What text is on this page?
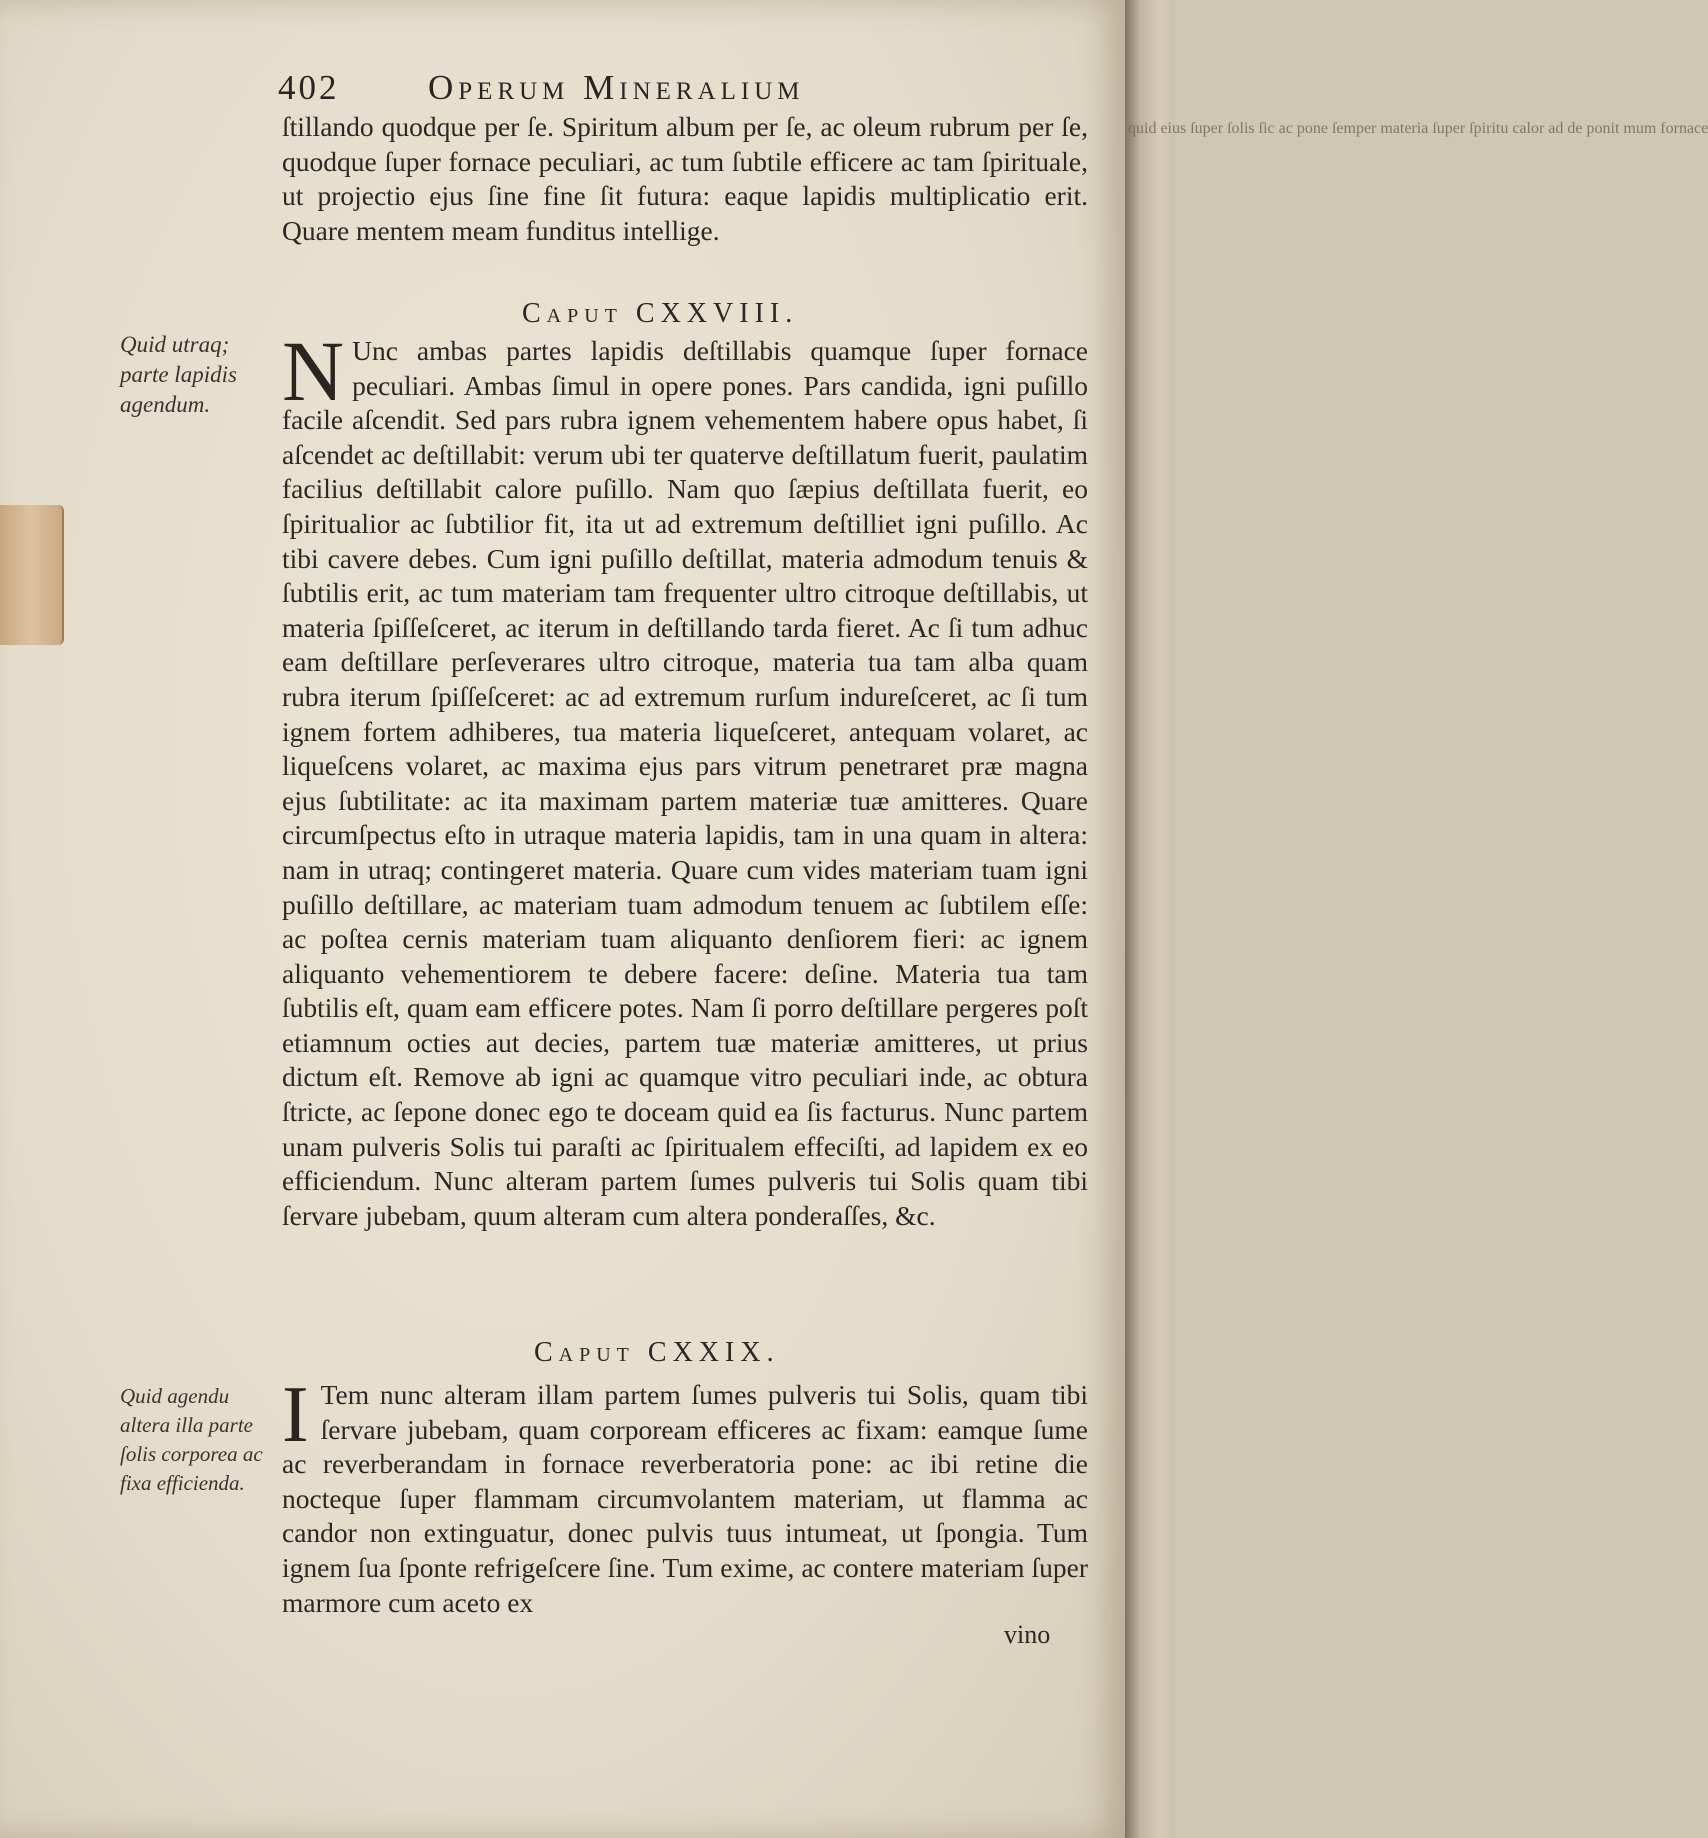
402	Operum Mineralium
ſtillando quodque per ſe. Spiritum album per ſe, ac oleum rubrum per ſe, quodque ſuper fornace peculiari, ac tum ſubtile efficere ac tam ſpirituale, ut projectio ejus ſine fine ſit futura: eaque lapidis multiplicatio erit. Quare mentem meam funditus intellige.
Caput CXXVIII.
Quid utraq; parte lapidis agendum. N Unc ambas partes lapidis deſtillabis quamque ſuper fornace peculiari. Ambas ſimul in opere pones. Pars candida, igni puſillo facile aſcendit. Sed pars rubra ignem vehementem habere opus habet, ſi aſcendet ac deſtillabit: verum ubi ter quaterve deſtillatum fuerit, paulatim facilius deſtillabit calore puſillo. Nam quo ſæpius deſtillata fuerit, eo ſpiritualior ac ſubtilior fit, ita ut ad extremum deſtilliet igni puſillo. Ac tibi cavere debes. Cum igni puſillo deſtillat, materia admodum tenuis & ſubtilis erit, ac tum materiam tam frequenter ultro citroque deſtillabis, ut materia ſpiſſeſceret, ac iterum in deſtillando tarda fieret. Ac ſi tum adhuc eam deſtillare perſeverares ultro citroque, materia tua tam alba quam rubra iterum ſpiſſeſceret: ac ad extremum rurſum indureſceret, ac ſi tum ignem fortem adhiberes, tua materia liqueſceret, antequam volaret, ac liqueſcens volaret, ac maxima ejus pars vitrum penetraret præ magna ejus ſubtilitate: ac ita maximam partem materiæ tuæ amitteres. Quare circumſpectus eſto in utraque materia lapidis, tam in una quam in altera: nam in utraq; contingeret materia. Quare cum vides materiam tuam igni puſillo deſtillare, ac materiam tuam admodum tenuem ac ſubtilem eſſe: ac poſtea cernis materiam tuam aliquanto denſiorem fieri: ac ignem aliquanto vehementiorem te debere facere: deſine. Materia tua tam ſubtilis eſt, quam eam efficere potes. Nam ſi porro deſtillare pergeres poſt etiamnum octies aut decies, partem tuæ materiæ amitteres, ut prius dictum eſt. Remove ab igni ac quamque vitro peculiari inde, ac obtura ſtricte, ac ſepone donec ego te doceam quid ea ſis facturus. Nunc partem unam pulveris Solis tui paraſti ac ſpiritualem effeciſti, ad lapidem ex eo efficiendum. Nunc alteram partem ſumes pulveris tui Solis quam tibi ſervare jubebam, quum alteram cum altera ponderaſſes, &c.
Caput CXXIX.
Quid agendu altera illa parte ſolis corporea ac fixa efficienda.
I Tem nunc alteram illam partem ſumes pulveris tui Solis, quam tibi ſervare jubebam, quam corpoream efficeres ac fixam: eamque ſume ac reverberandam in fornace reverberatoria pone: ac ibi retine die nocteque ſuper flammam circumvolantem materiam, ut flamma ac candor non extinguatur, donec pulvis tuus intumeat, ut ſpongia. Tum ignem ſua ſponte refrigeſcere ſine. Tum exime, ac contere materiam ſuper marmore cum aceto ex
vino
quid eius ſuper ſolis ſic ac pone ſemper materia ſuper ſpiritu calor ad de ponit mum fornace
